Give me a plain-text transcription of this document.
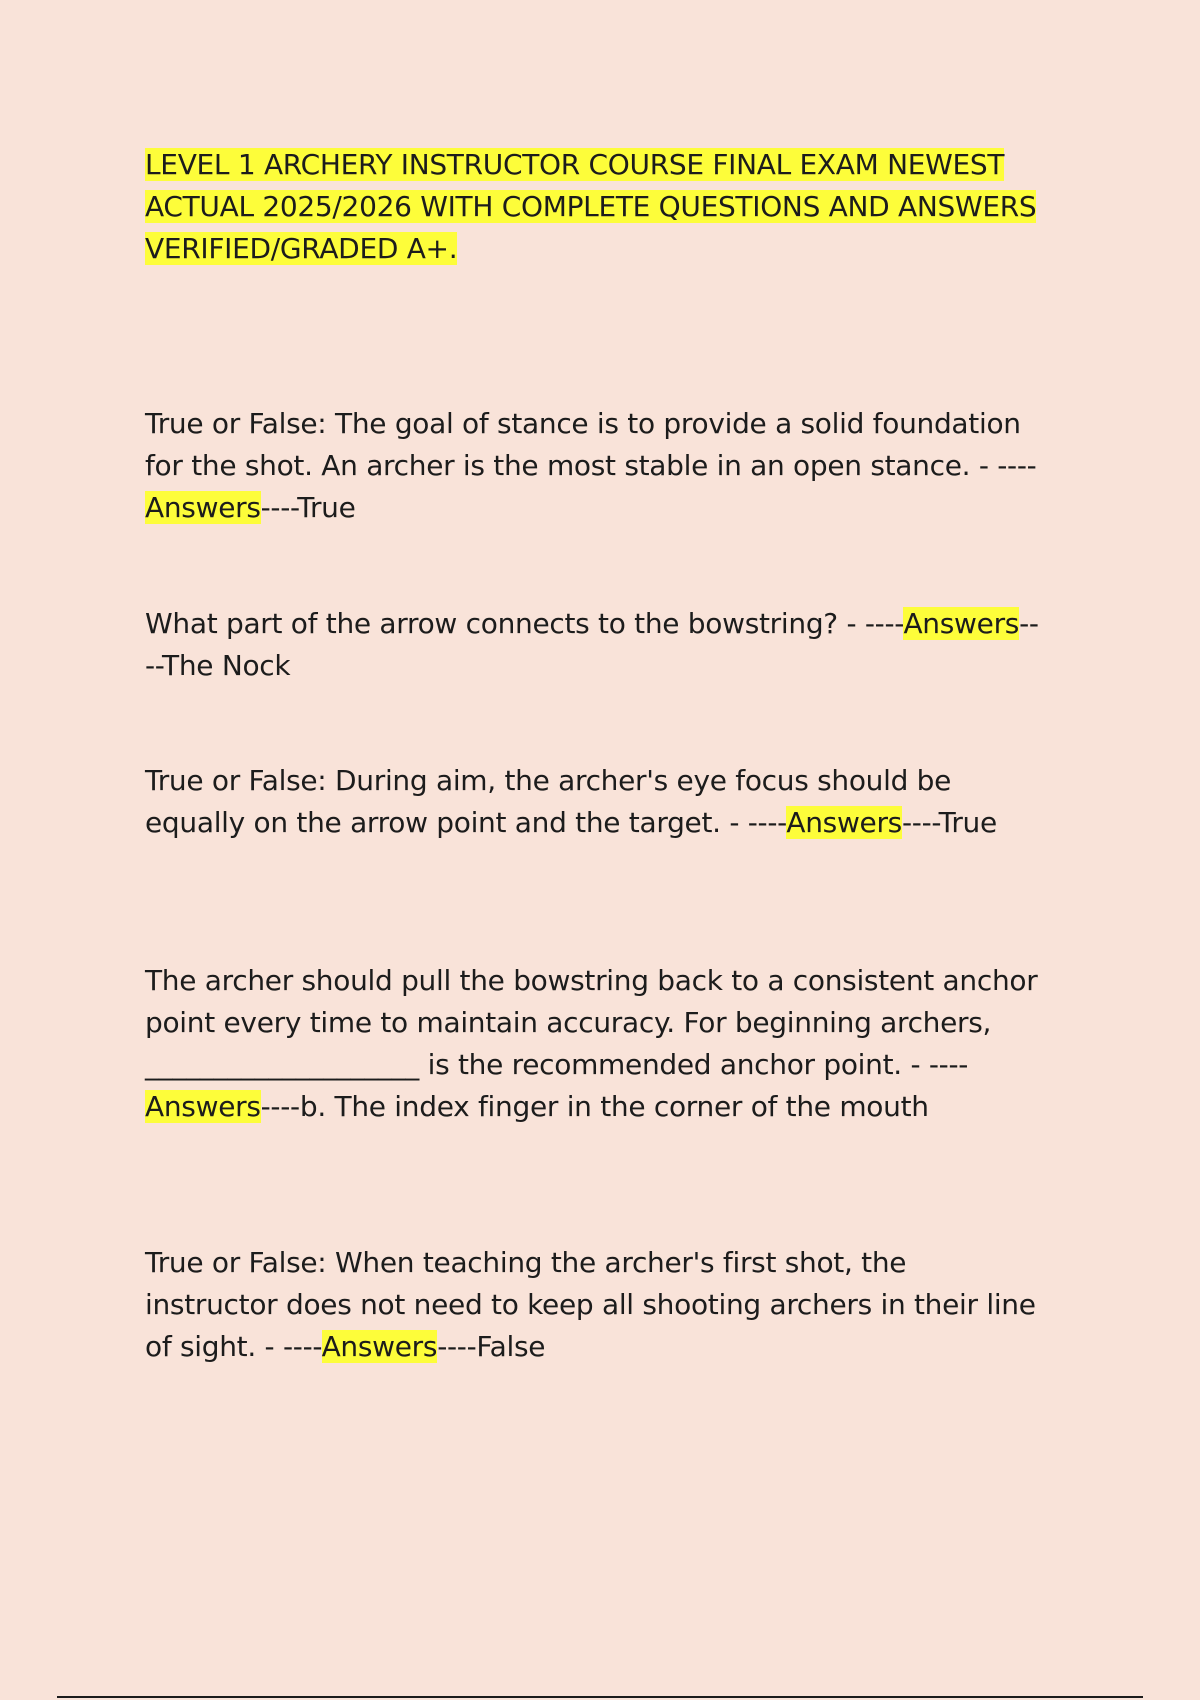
LEVEL 1 ARCHERY INSTRUCTOR COURSE FINAL EXAM NEWEST ACTUAL 2025/2026 WITH COMPLETE QUESTIONS AND ANSWERS VERIFIED/GRADED A+.

True or False: The goal of stance is to provide a solid foundation for the shot. An archer is the most stable in an open stance. - ----Answers----True

What part of the arrow connects to the bowstring? - ----Answers----The Nock

True or False: During aim, the archer's eye focus should be equally on the arrow point and the target. - ----Answers----True

The archer should pull the bowstring back to a consistent anchor point every time to maintain accuracy. For beginning archers, ____________________ is the recommended anchor point. - ----Answers----b. The index finger in the corner of the mouth

True or False: When teaching the archer's first shot, the instructor does not need to keep all shooting archers in their line of sight. - ----Answers----False
